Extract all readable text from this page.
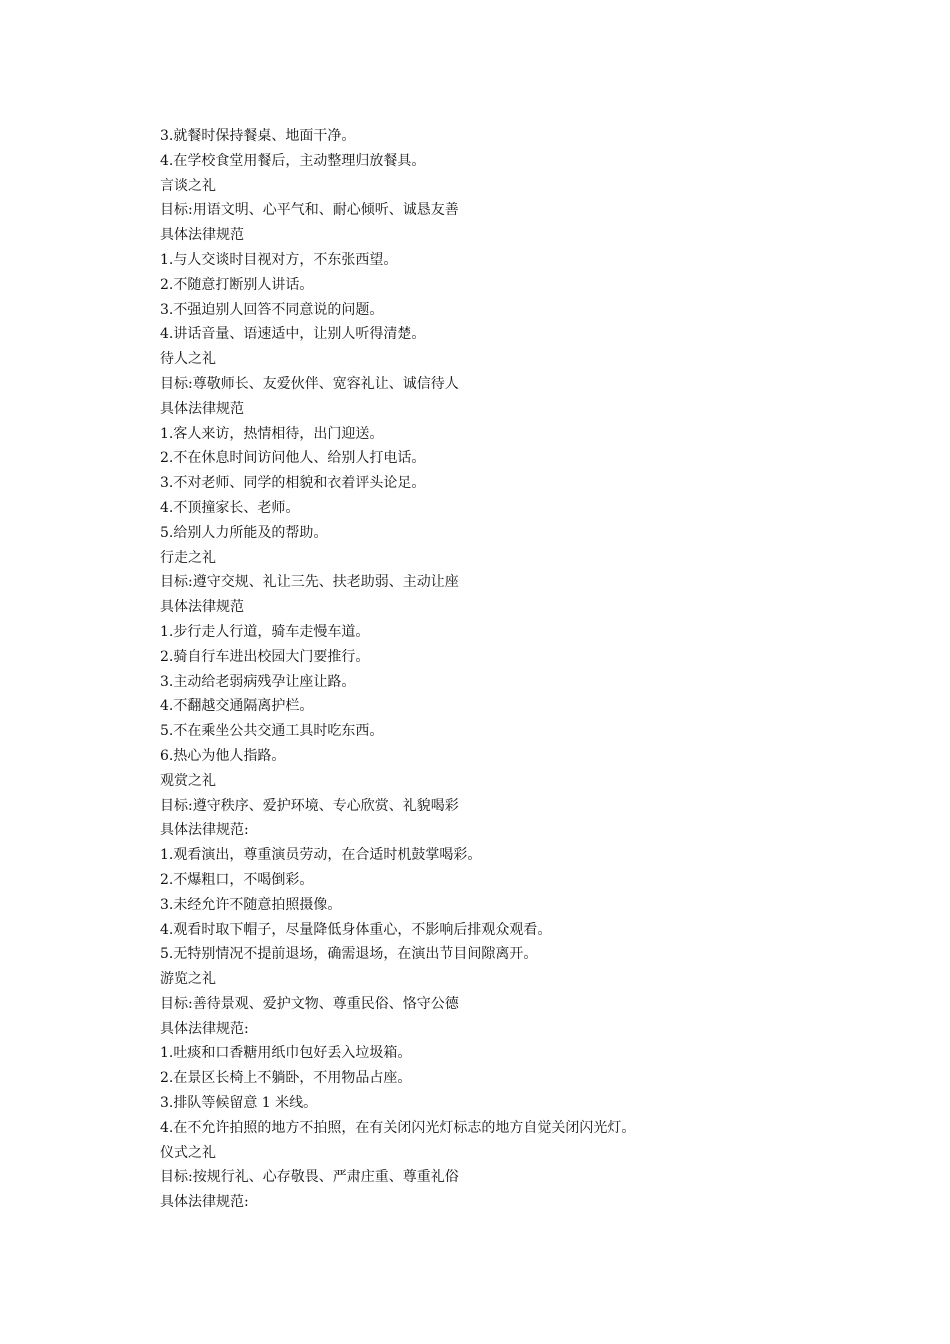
3.就餐时保持餐桌、地面干净。
4.在学校食堂用餐后，主动整理归放餐具。
言谈之礼
目标:用语文明、心平气和、耐心倾听、诚恳友善
具体法律规范
1.与人交谈时目视对方，不东张西望。
2.不随意打断别人讲话。
3.不强迫别人回答不同意说的问题。
4.讲话音量、语速适中，让别人听得清楚。
待人之礼
目标:尊敬师长、友爱伙伴、宽容礼让、诚信待人
具体法律规范
1.客人来访，热情相待，出门迎送。
2.不在休息时间访问他人、给别人打电话。
3.不对老师、同学的相貌和衣着评头论足。
4.不顶撞家长、老师。
5.给别人力所能及的帮助。
行走之礼
目标:遵守交规、礼让三先、扶老助弱、主动让座
具体法律规范
1.步行走人行道，骑车走慢车道。
2.骑自行车进出校园大门要推行。
3.主动给老弱病残孕让座让路。
4.不翻越交通隔离护栏。
5.不在乘坐公共交通工具时吃东西。
6.热心为他人指路。
观赏之礼
目标:遵守秩序、爱护环境、专心欣赏、礼貌喝彩
具体法律规范:
1.观看演出，尊重演员劳动，在合适时机鼓掌喝彩。
2.不爆粗口，不喝倒彩。
3.未经允许不随意拍照摄像。
4.观看时取下帽子，尽量降低身体重心，不影响后排观众观看。
5.无特别情况不提前退场，确需退场，在演出节目间隙离开。
游览之礼
目标:善待景观、爱护文物、尊重民俗、恪守公德
具体法律规范:
1.吐痰和口香糖用纸巾包好丢入垃圾箱。
2.在景区长椅上不躺卧，不用物品占座。
3.排队等候留意 1 米线。
4.在不允许拍照的地方不拍照，在有关闭闪光灯标志的地方自觉关闭闪光灯。
仪式之礼
目标:按规行礼、心存敬畏、严肃庄重、尊重礼俗
具体法律规范:
